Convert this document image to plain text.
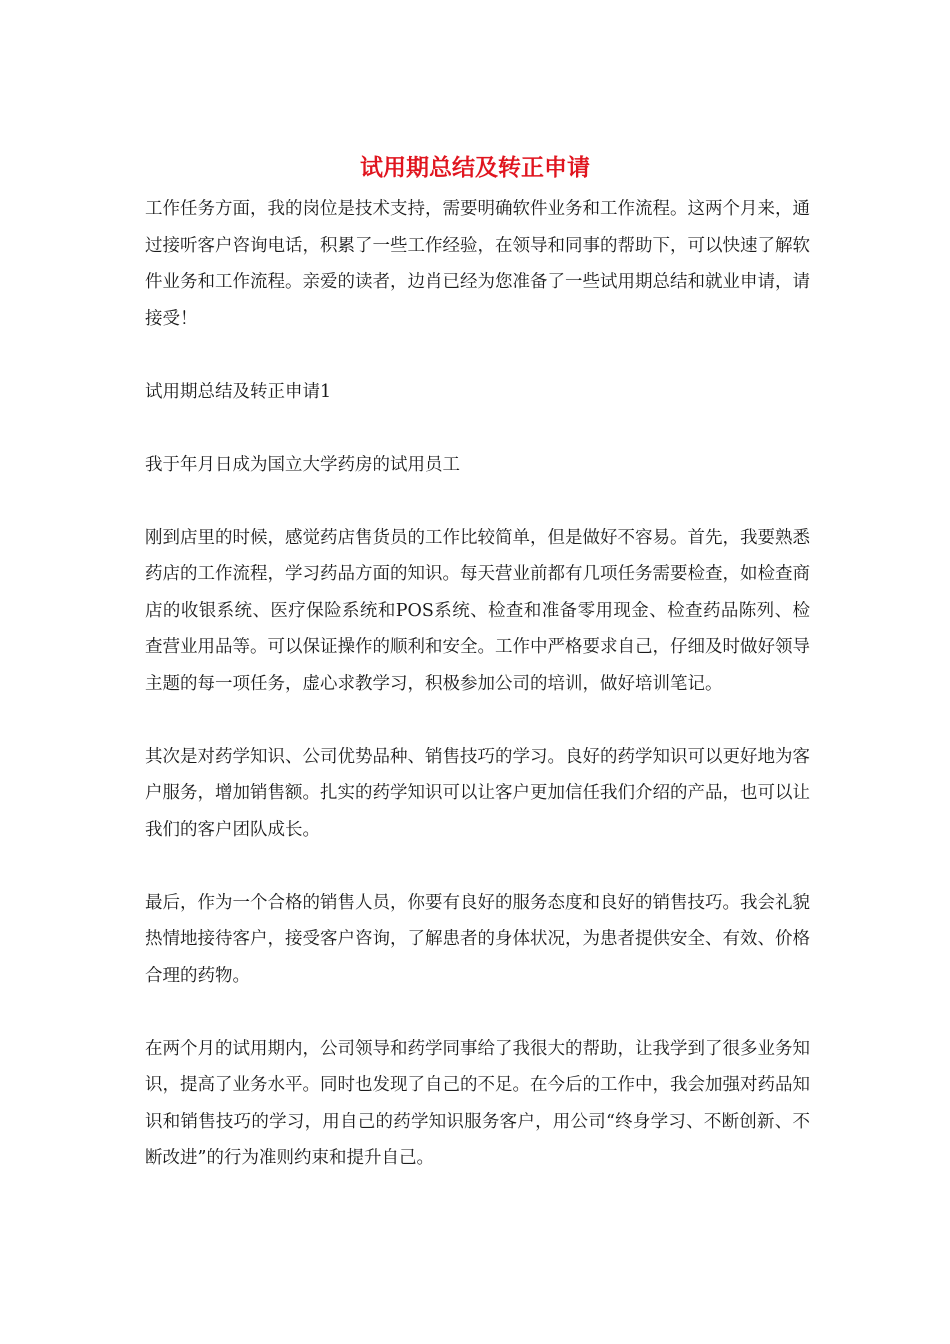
试用期总结及转正申请

工作任务方面，我的岗位是技术支持，需要明确软件业务和工作流程。这两个月来，通过接听客户咨询电话，积累了一些工作经验，在领导和同事的帮助下，可以快速了解软件业务和工作流程。亲爱的读者，边肖已经为您准备了一些试用期总结和就业申请，请接受！

试用期总结及转正申请1

我于年月日成为国立大学药房的试用员工

刚到店里的时候，感觉药店售货员的工作比较简单，但是做好不容易。首先，我要熟悉药店的工作流程，学习药品方面的知识。每天营业前都有几项任务需要检查，如检查商店的收银系统、医疗保险系统和POS系统、检查和准备零用现金、检查药品陈列、检查营业用品等。可以保证操作的顺利和安全。工作中严格要求自己，仔细及时做好领导主题的每一项任务，虚心求教学习，积极参加公司的培训，做好培训笔记。

其次是对药学知识、公司优势品种、销售技巧的学习。良好的药学知识可以更好地为客户服务，增加销售额。扎实的药学知识可以让客户更加信任我们介绍的产品，也可以让我们的客户团队成长。

最后，作为一个合格的销售人员，你要有良好的服务态度和良好的销售技巧。我会礼貌热情地接待客户，接受客户咨询，了解患者的身体状况，为患者提供安全、有效、价格合理的药物。

在两个月的试用期内，公司领导和药学同事给了我很大的帮助，让我学到了很多业务知识，提高了业务水平。同时也发现了自己的不足。在今后的工作中，我会加强对药品知识和销售技巧的学习，用自己的药学知识服务客户，用公司“终身学习、不断创新、不断改进”的行为准则约束和提升自己。
